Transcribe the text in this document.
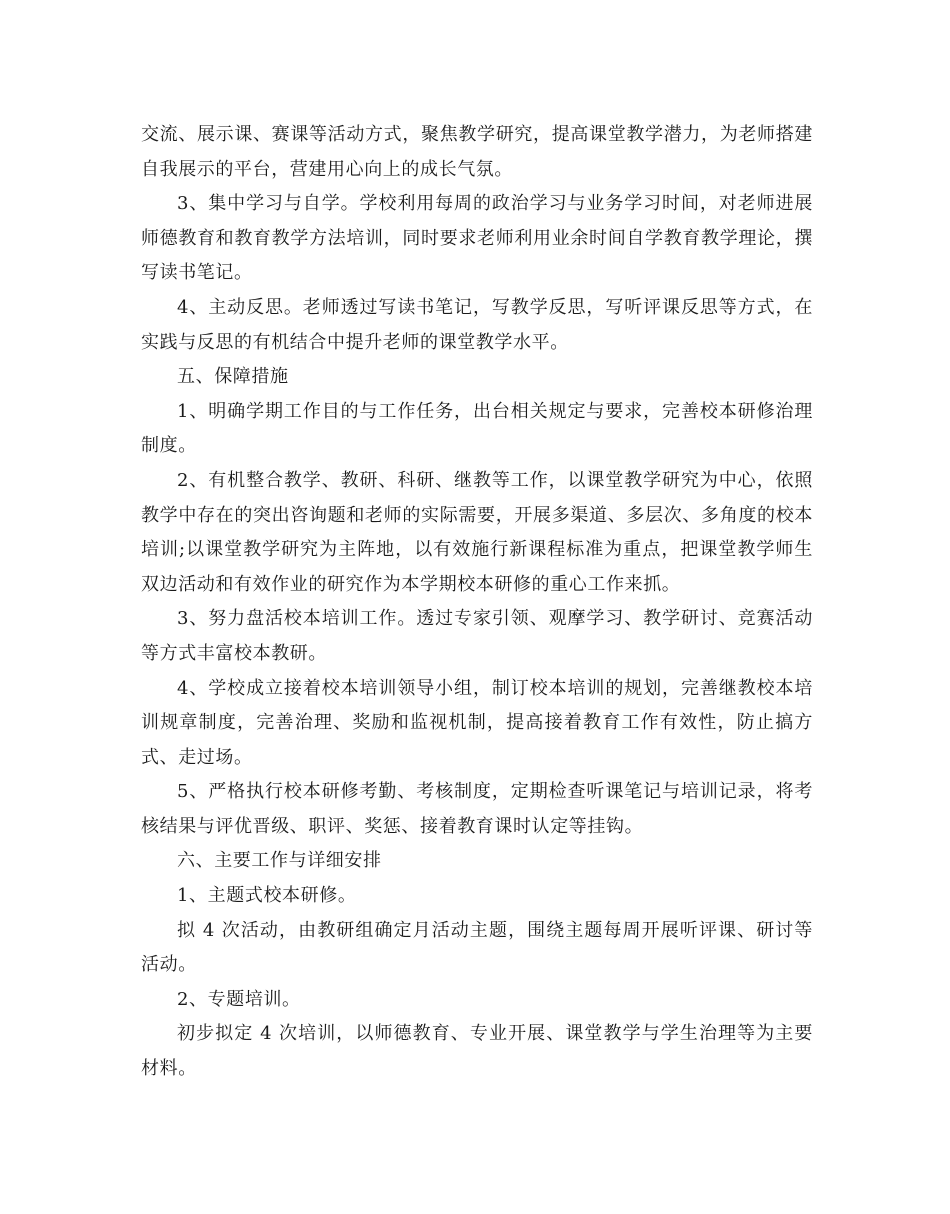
交流、展示课、赛课等活动方式，聚焦教学研究，提高课堂教学潜力，为老师搭建自我展示的平台，营建用心向上的成长气氛。

3、集中学习与自学。学校利用每周的政治学习与业务学习时间，对老师进展师德教育和教育教学方法培训，同时要求老师利用业余时间自学教育教学理论，撰写读书笔记。

4、主动反思。老师透过写读书笔记，写教学反思，写听评课反思等方式，在实践与反思的有机结合中提升老师的课堂教学水平。

五、保障措施

1、明确学期工作目的与工作任务，出台相关规定与要求，完善校本研修治理制度。

2、有机整合教学、教研、科研、继教等工作，以课堂教学研究为中心，依照教学中存在的突出咨询题和老师的实际需要，开展多渠道、多层次、多角度的校本培训;以课堂教学研究为主阵地，以有效施行新课程标准为重点，把课堂教学师生双边活动和有效作业的研究作为本学期校本研修的重心工作来抓。

3、努力盘活校本培训工作。透过专家引领、观摩学习、教学研讨、竞赛活动等方式丰富校本教研。

4、学校成立接着校本培训领导小组，制订校本培训的规划，完善继教校本培训规章制度，完善治理、奖励和监视机制，提高接着教育工作有效性，防止搞方式、走过场。

5、严格执行校本研修考勤、考核制度，定期检查听课笔记与培训记录，将考核结果与评优晋级、职评、奖惩、接着教育课时认定等挂钩。

六、主要工作与详细安排

1、主题式校本研修。

拟 4 次活动，由教研组确定月活动主题，围绕主题每周开展听评课、研讨等活动。

2、专题培训。

初步拟定 4 次培训，以师德教育、专业开展、课堂教学与学生治理等为主要材料。
